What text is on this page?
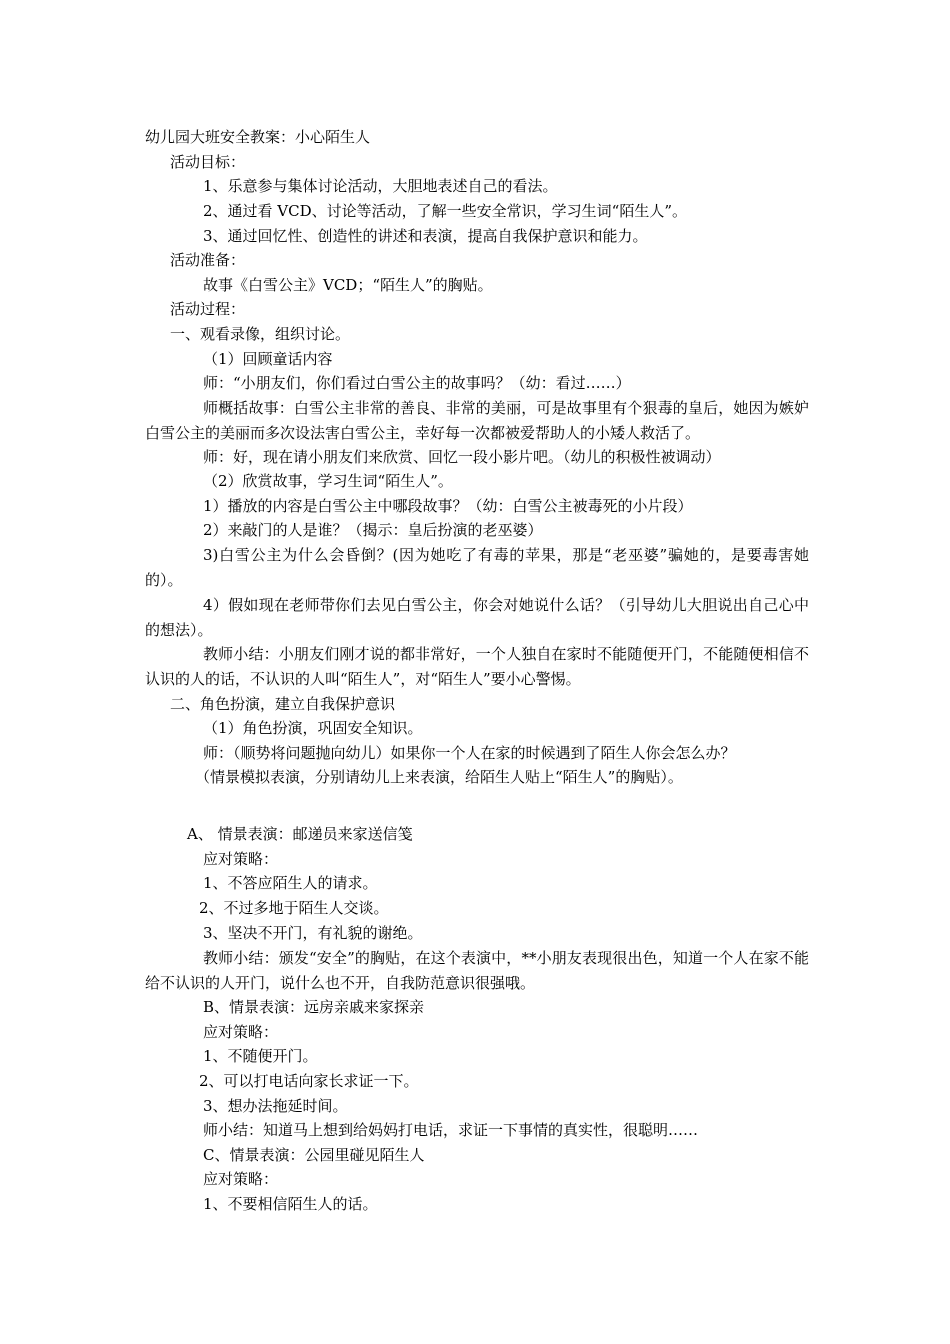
幼儿园大班安全教案：小心陌生人

活动目标：

1、乐意参与集体讨论活动，大胆地表述自己的看法。

2、通过看 VCD、讨论等活动，了解一些安全常识，学习生词“陌生人”。

3、通过回忆性、创造性的讲述和表演，提高自我保护意识和能力。

活动准备：

故事《白雪公主》VCD；“陌生人”的胸贴。

活动过程：

一、观看录像，组织讨论。

（1）回顾童话内容

师：“小朋友们，你们看过白雪公主的故事吗？（幼：看过……）

师概括故事：白雪公主非常的善良、非常的美丽，可是故事里有个狠毒的皇后，她因为嫉妒白雪公主的美丽而多次设法害白雪公主，幸好每一次都被爱帮助人的小矮人救活了。

师：好，现在请小朋友们来欣赏、回忆一段小影片吧。（幼儿的积极性被调动）

（2）欣赏故事，学习生词“陌生人”。

1）播放的内容是白雪公主中哪段故事？（幼：白雪公主被毒死的小片段）

2）来敲门的人是谁？（揭示：皇后扮演的老巫婆）

3)白雪公主为什么会昏倒？(因为她吃了有毒的苹果，那是“老巫婆”骗她的，是要毒害她的）。

4）假如现在老师带你们去见白雪公主，你会对她说什么话？（引导幼儿大胆说出自己心中的想法）。

教师小结：小朋友们刚才说的都非常好，一个人独自在家时不能随便开门，不能随便相信不认识的人的话，不认识的人叫“陌生人”，对“陌生人”要小心警惕。

二、角色扮演，建立自我保护意识

（1）角色扮演，巩固安全知识。

师：（顺势将问题抛向幼儿）如果你一个人在家的时候遇到了陌生人你会怎么办？

（情景模拟表演，分别请幼儿上来表演，给陌生人贴上“陌生人”的胸贴）。

A、 情景表演：邮递员来家送信笺

应对策略：

1、不答应陌生人的请求。

2、不过多地于陌生人交谈。

3、坚决不开门，有礼貌的谢绝。

教师小结：颁发“安全”的胸贴，在这个表演中，**小朋友表现很出色，知道一个人在家不能给不认识的人开门，说什么也不开，自我防范意识很强哦。

B、情景表演：远房亲戚来家探亲

应对策略：

1、不随便开门。

2、可以打电话向家长求证一下。

3、想办法拖延时间。

师小结：知道马上想到给妈妈打电话，求证一下事情的真实性，很聪明……

C、情景表演：公园里碰见陌生人

应对策略：

1、不要相信陌生人的话。
